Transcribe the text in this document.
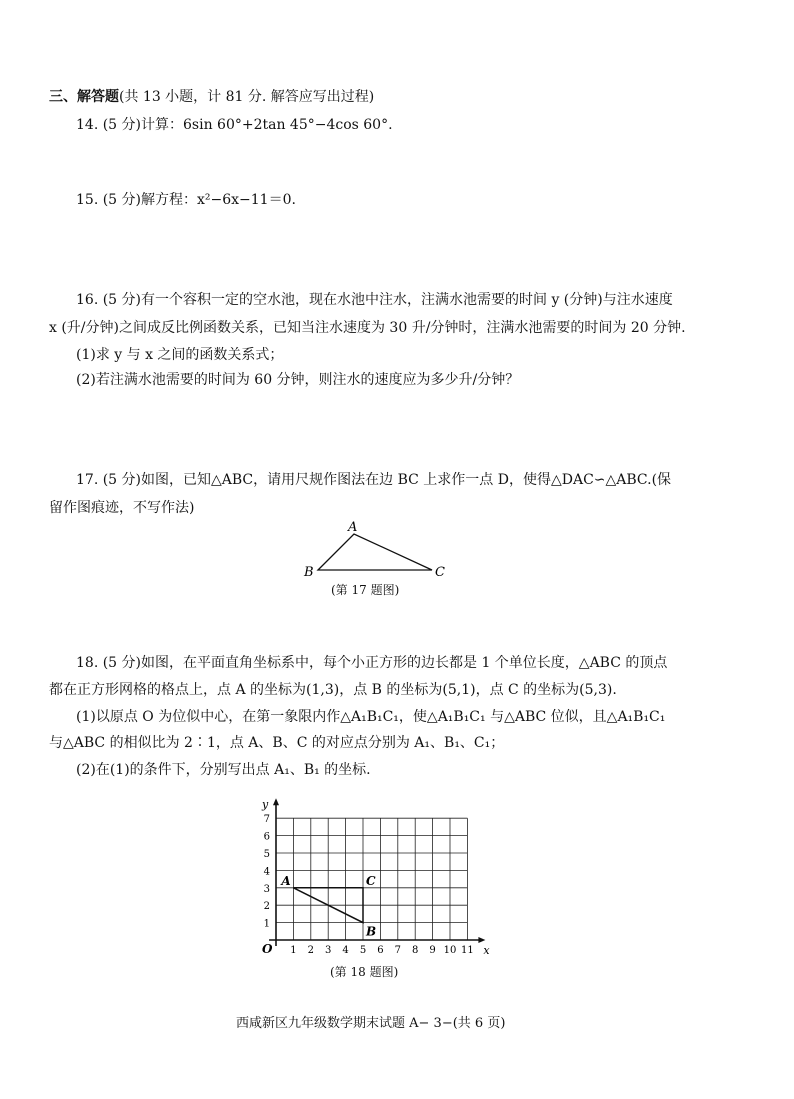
三、解答题(共 13 小题，计 81 分. 解答应写出过程)
14. (5 分)计算：6sin 60°+2tan 45°−4cos 60°.
15. (5 分)解方程：x²−6x−11＝0.
16. (5 分)有一个容积一定的空水池，现在水池中注水，注满水池需要的时间 y (分钟)与注水速度
x (升/分钟)之间成反比例函数关系，已知当注水速度为 30 升/分钟时，注满水池需要的时间为 20 分钟.
(1)求 y 与 x 之间的函数关系式；
(2)若注满水池需要的时间为 60 分钟，则注水的速度应为多少升/分钟？
17. (5 分)如图，已知△ABC，请用尺规作图法在边 BC 上求作一点 D，使得△DAC∽△ABC.(保
留作图痕迹，不写作法)
A
B	C
(第 17 题图)
18. (5 分)如图，在平面直角坐标系中，每个小正方形的边长都是 1 个单位长度，△ABC 的顶点
都在正方形网格的格点上，点 A 的坐标为(1,3)，点 B 的坐标为(5,1)，点 C 的坐标为(5,3).
(1)以原点 O 为位似中心，在第一象限内作△A₁B₁C₁，使△A₁B₁C₁ 与△ABC 位似，且△A₁B₁C₁
与△ABC 的相似比为 2∶1，点 A、B、C 的对应点分别为 A₁、B₁、C₁；
(2)在(1)的条件下，分别写出点 A₁、B₁ 的坐标.
1 2 3 4 5 6 7 8 9 10 11
1
2
3
4
5
6
7
x
y
O
A
B
C
(第 18 题图)
西咸新区九年级数学期末试题 A− 3−(共 6 页)
